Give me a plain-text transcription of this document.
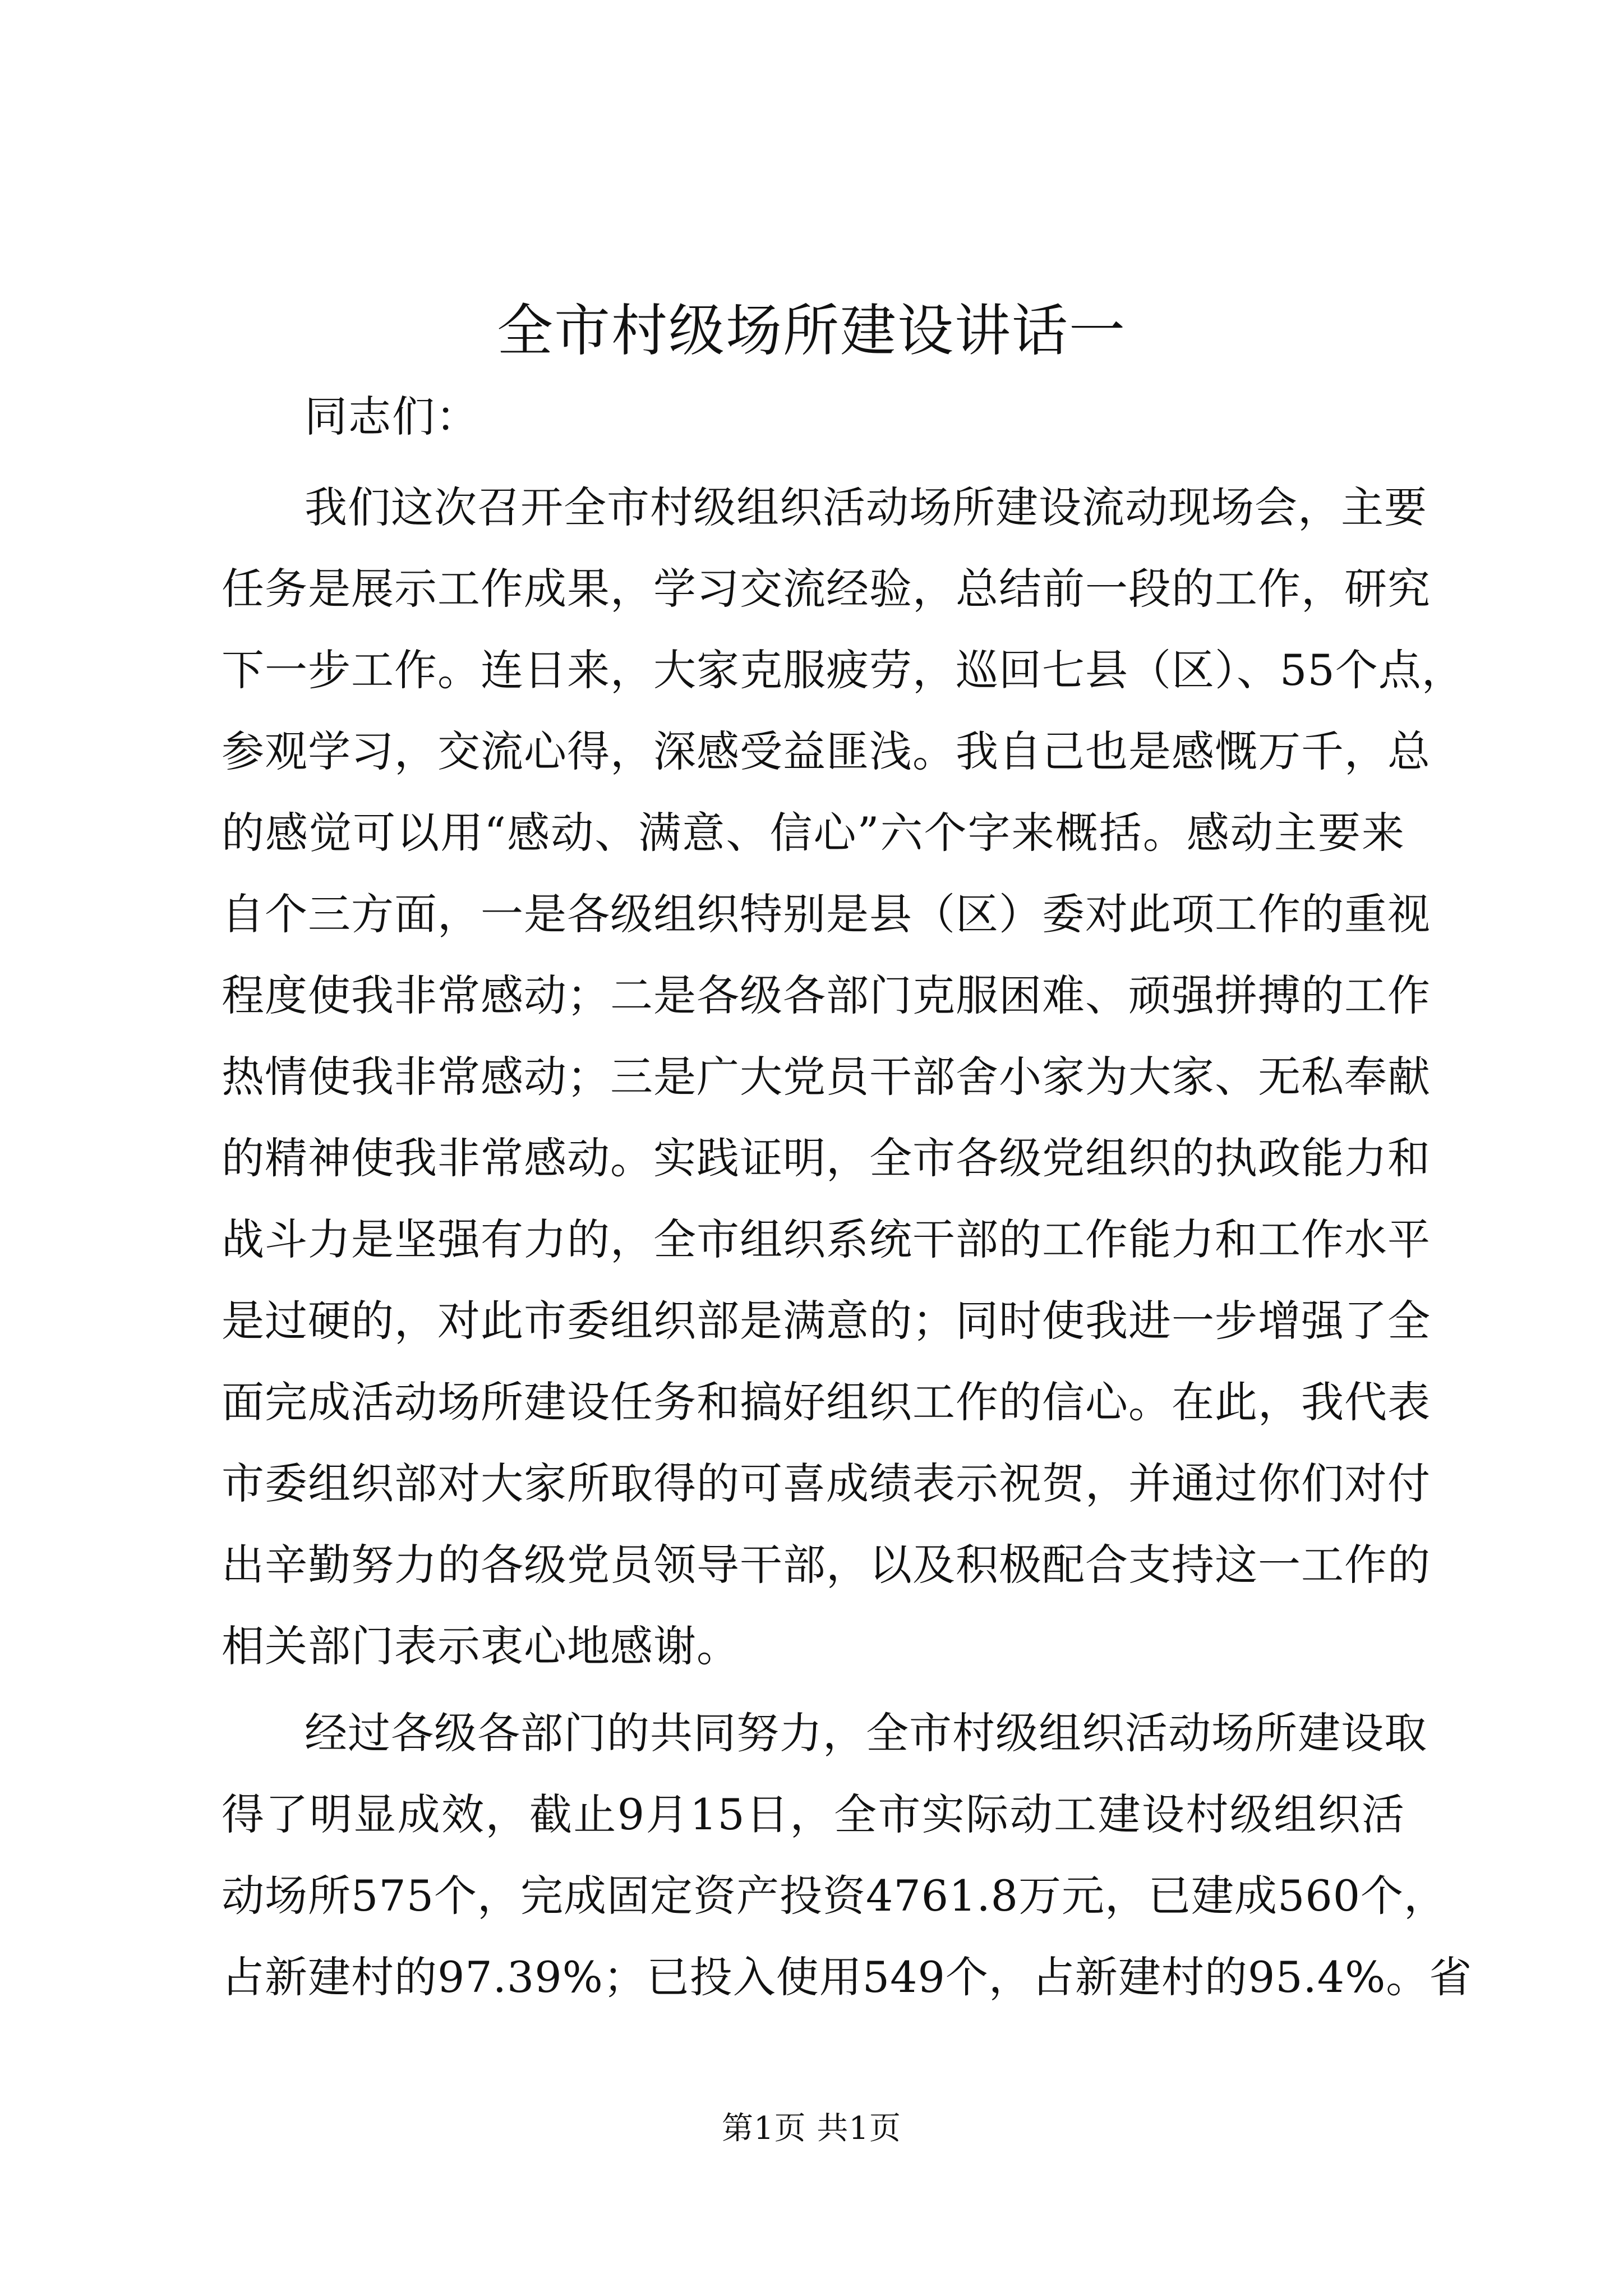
全市村级场所建设讲话一

同志们：

我们这次召开全市村级组织活动场所建设流动现场会，主要
任务是展示工作成果，学习交流经验，总结前一段的工作，研究
下一步工作。连日来，大家克服疲劳，巡回七县（区）、55个点，
参观学习，交流心得，深感受益匪浅。我自己也是感慨万千，总
的感觉可以用“感动、满意、信心”六个字来概括。感动主要来
自个三方面，一是各级组织特别是县（区）委对此项工作的重视
程度使我非常感动；二是各级各部门克服困难、顽强拼搏的工作
热情使我非常感动；三是广大党员干部舍小家为大家、无私奉献
的精神使我非常感动。实践证明，全市各级党组织的执政能力和
战斗力是坚强有力的，全市组织系统干部的工作能力和工作水平
是过硬的，对此市委组织部是满意的；同时使我进一步增强了全
面完成活动场所建设任务和搞好组织工作的信心。在此，我代表
市委组织部对大家所取得的可喜成绩表示祝贺，并通过你们对付
出辛勤努力的各级党员领导干部，以及积极配合支持这一工作的
相关部门表示衷心地感谢。
经过各级各部门的共同努力，全市村级组织活动场所建设取
得了明显成效，截止9月15日，全市实际动工建设村级组织活
动场所575个，完成固定资产投资4761.8万元，已建成560个，
占新建村的97.39%；已投入使用549个，占新建村的95.4%。省

第1页 共1页
